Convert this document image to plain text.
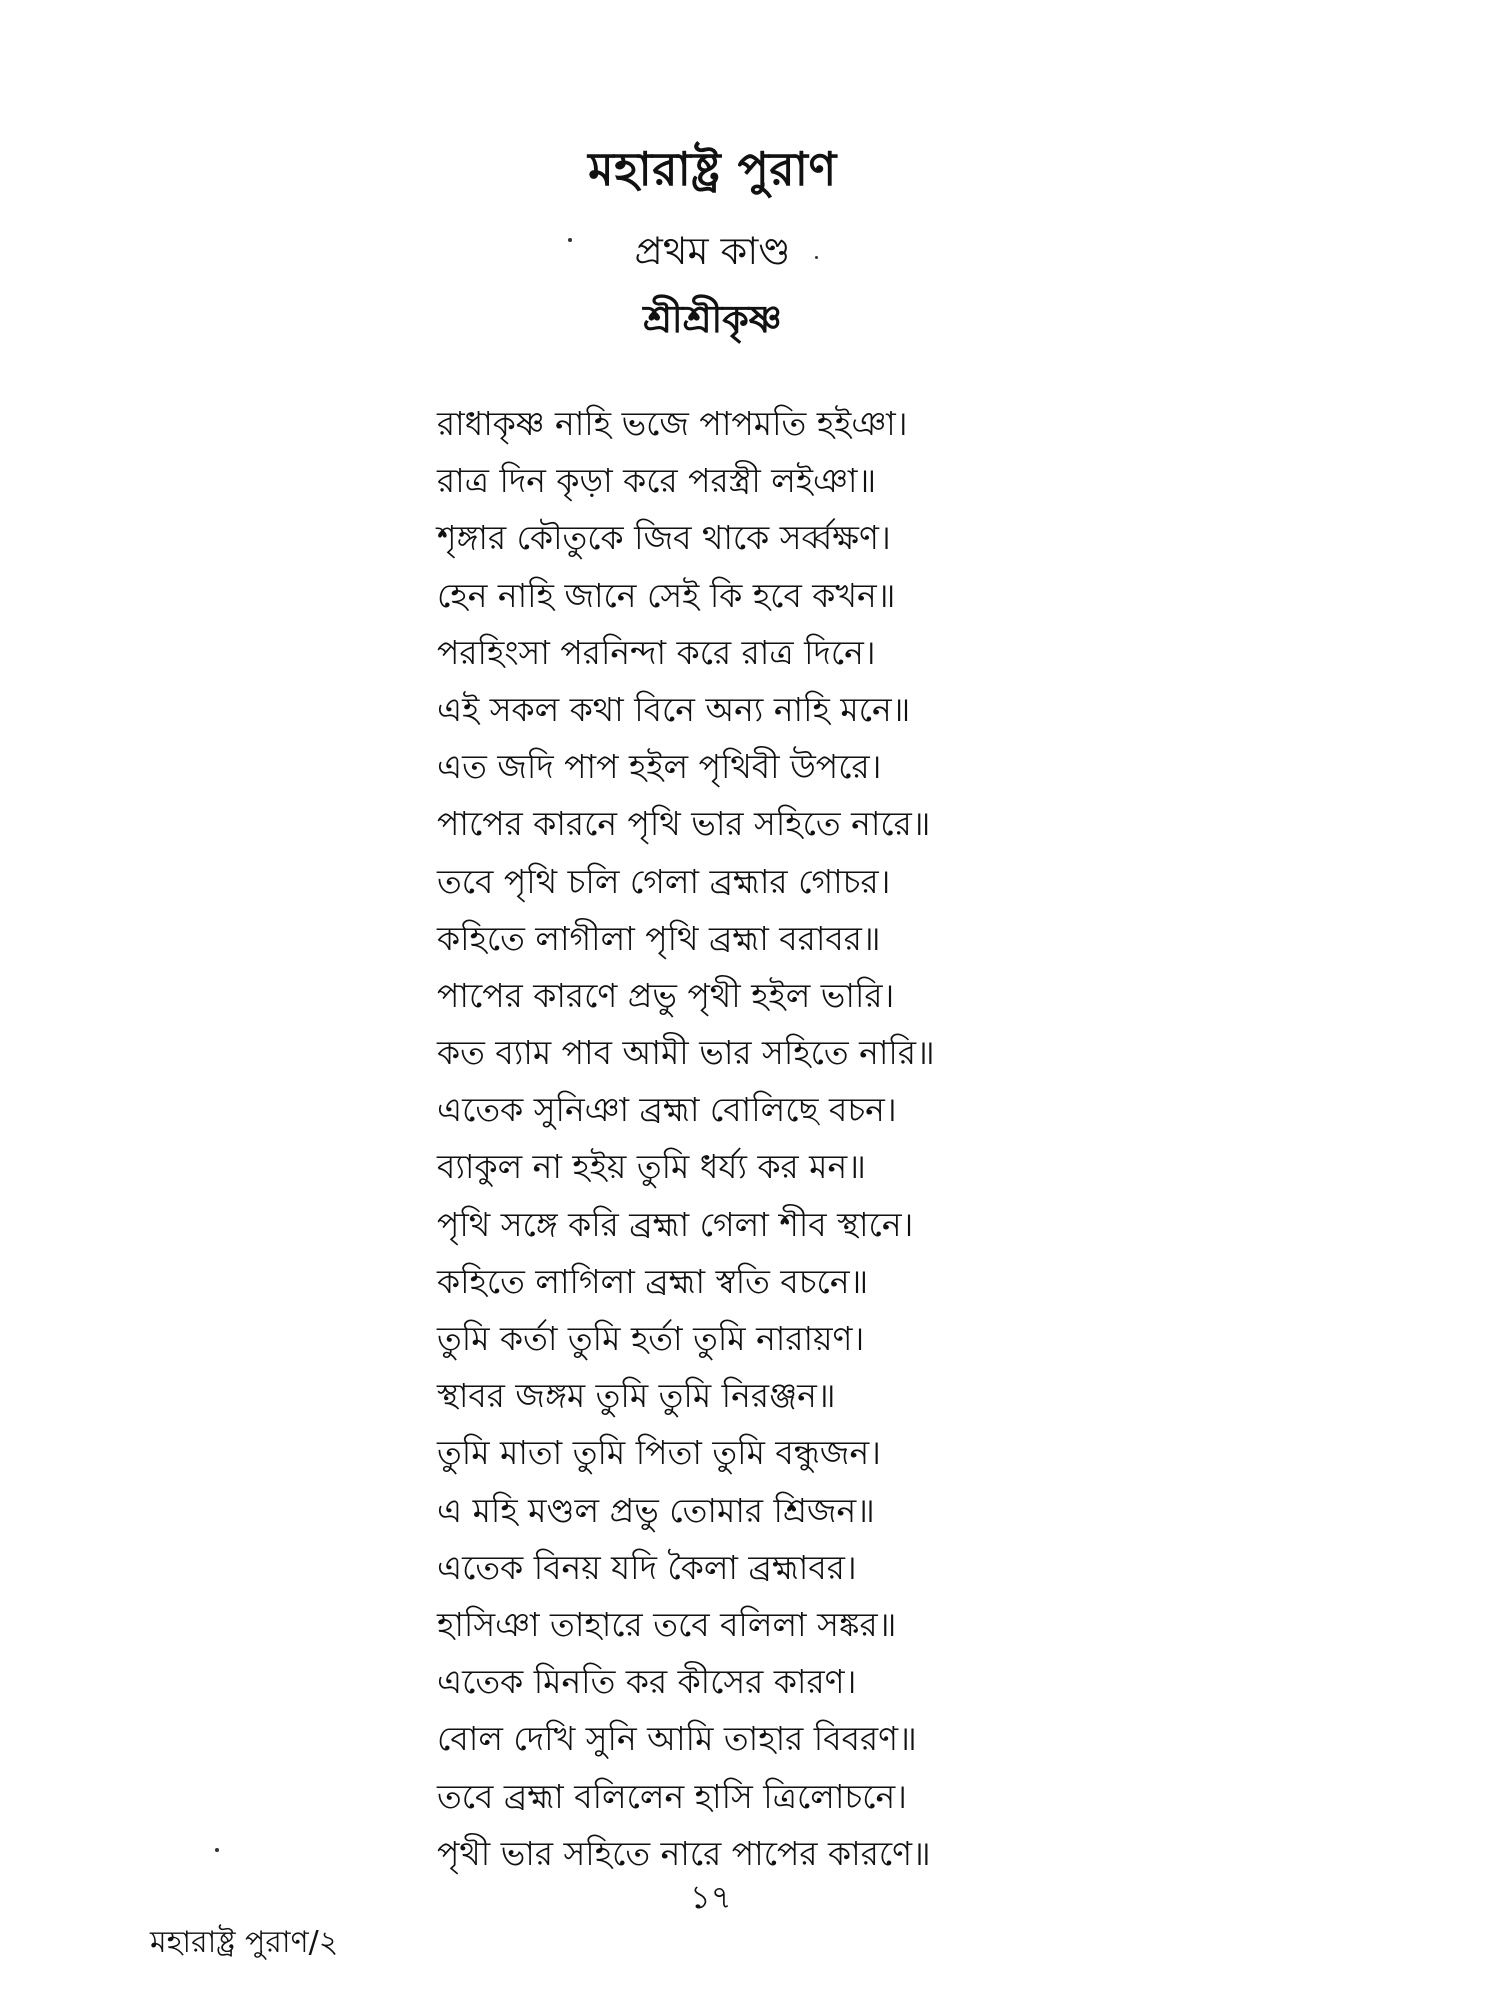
মহারাষ্ট্র পুরাণ
প্রথম কাণ্ড
শ্রীশ্রীকৃষ্ণ
রাধাকৃষ্ণ নাহি ভজে পাপমতি হইঞা।
রাত্র দিন কৃড়া করে পরস্ত্রী লইঞা॥
শৃঙ্গার কৌতুকে জিব থাকে সর্ব্বক্ষণ।
হেন নাহি জানে সেই কি হবে কখন॥
পরহিংসা পরনিন্দা করে রাত্র দিনে।
এই সকল কথা বিনে অন্য নাহি মনে॥
এত জদি পাপ হইল পৃথিবী উপরে।
পাপের কারনে পৃথি ভার সহিতে নারে॥
তবে পৃথি চলি গেলা ব্রহ্মার গোচর।
কহিতে লাগীলা পৃথি ব্রহ্মা বরাবর॥
পাপের কারণে প্রভু পৃথী হইল ভারি।
কত ব্যাম পাব আমী ভার সহিতে নারি॥
এতেক সুনিঞা ব্রহ্মা বোলিছে বচন।
ব্যাকুল না হইয় তুমি ধর্য্য কর মন॥
পৃথি সঙ্গে করি ব্রহ্মা গেলা শীব স্থানে।
কহিতে লাগিলা ব্রহ্মা স্বতি বচনে॥
তুমি কর্তা তুমি হর্তা তুমি নারায়ণ।
স্থাবর জঙ্গম তুমি তুমি নিরঞ্জন॥
তুমি মাতা তুমি পিতা তুমি বন্ধুজন।
এ মহি মণ্ডল প্রভু তোমার শ্রিজন॥
এতেক বিনয় যদি কৈলা ব্রহ্মাবর।
হাসিঞা তাহারে তবে বলিলা সঙ্কর॥
এতেক মিনতি কর কীসের কারণ।
বোল দেখি সুনি আমি তাহার বিবরণ॥
তবে ব্রহ্মা বলিলেন হাসি ত্রিলোচনে।
পৃথী ভার সহিতে নারে পাপের কারণে॥
১৭
মহারাষ্ট্র পুরাণ/২
